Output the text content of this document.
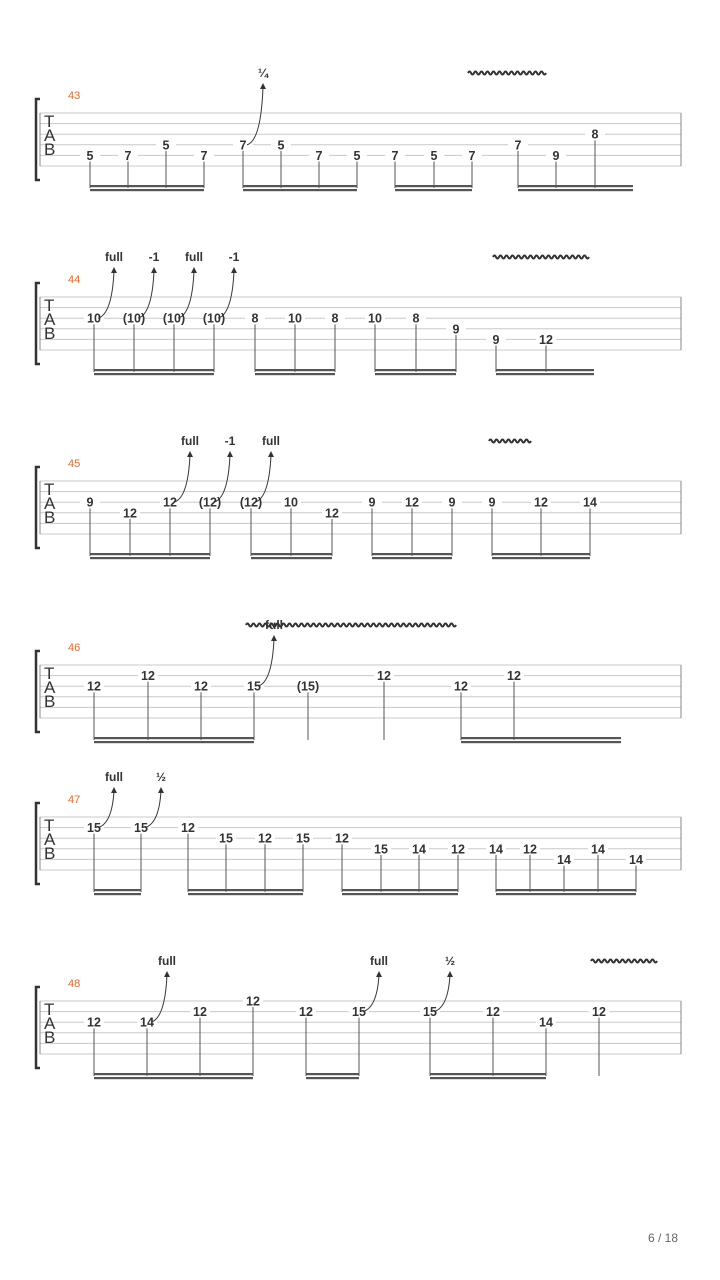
T
A
B
43
5 7
5
7
7
¼
5
7 5 7	5 7
7
9
8
T
A
B
44
10
full
(10)
-1
(10)
full
(10)
-1
8 10 8 10 8
9
9	12
T
A
B
45
9
12
12
full
(12)
-1
(12)
full
10
12
9 12 9	9	12	14
T
A
B
46
12
12
12	15
full
(15)
12
12
12
T
A
B
47
15
full
15
½
12
15 12 15 12
15 14 12 14 12
14
14
14
T
A
B
48
12	14
full
12
12
12	15
full
15
½
12
14
12
6 / 18
